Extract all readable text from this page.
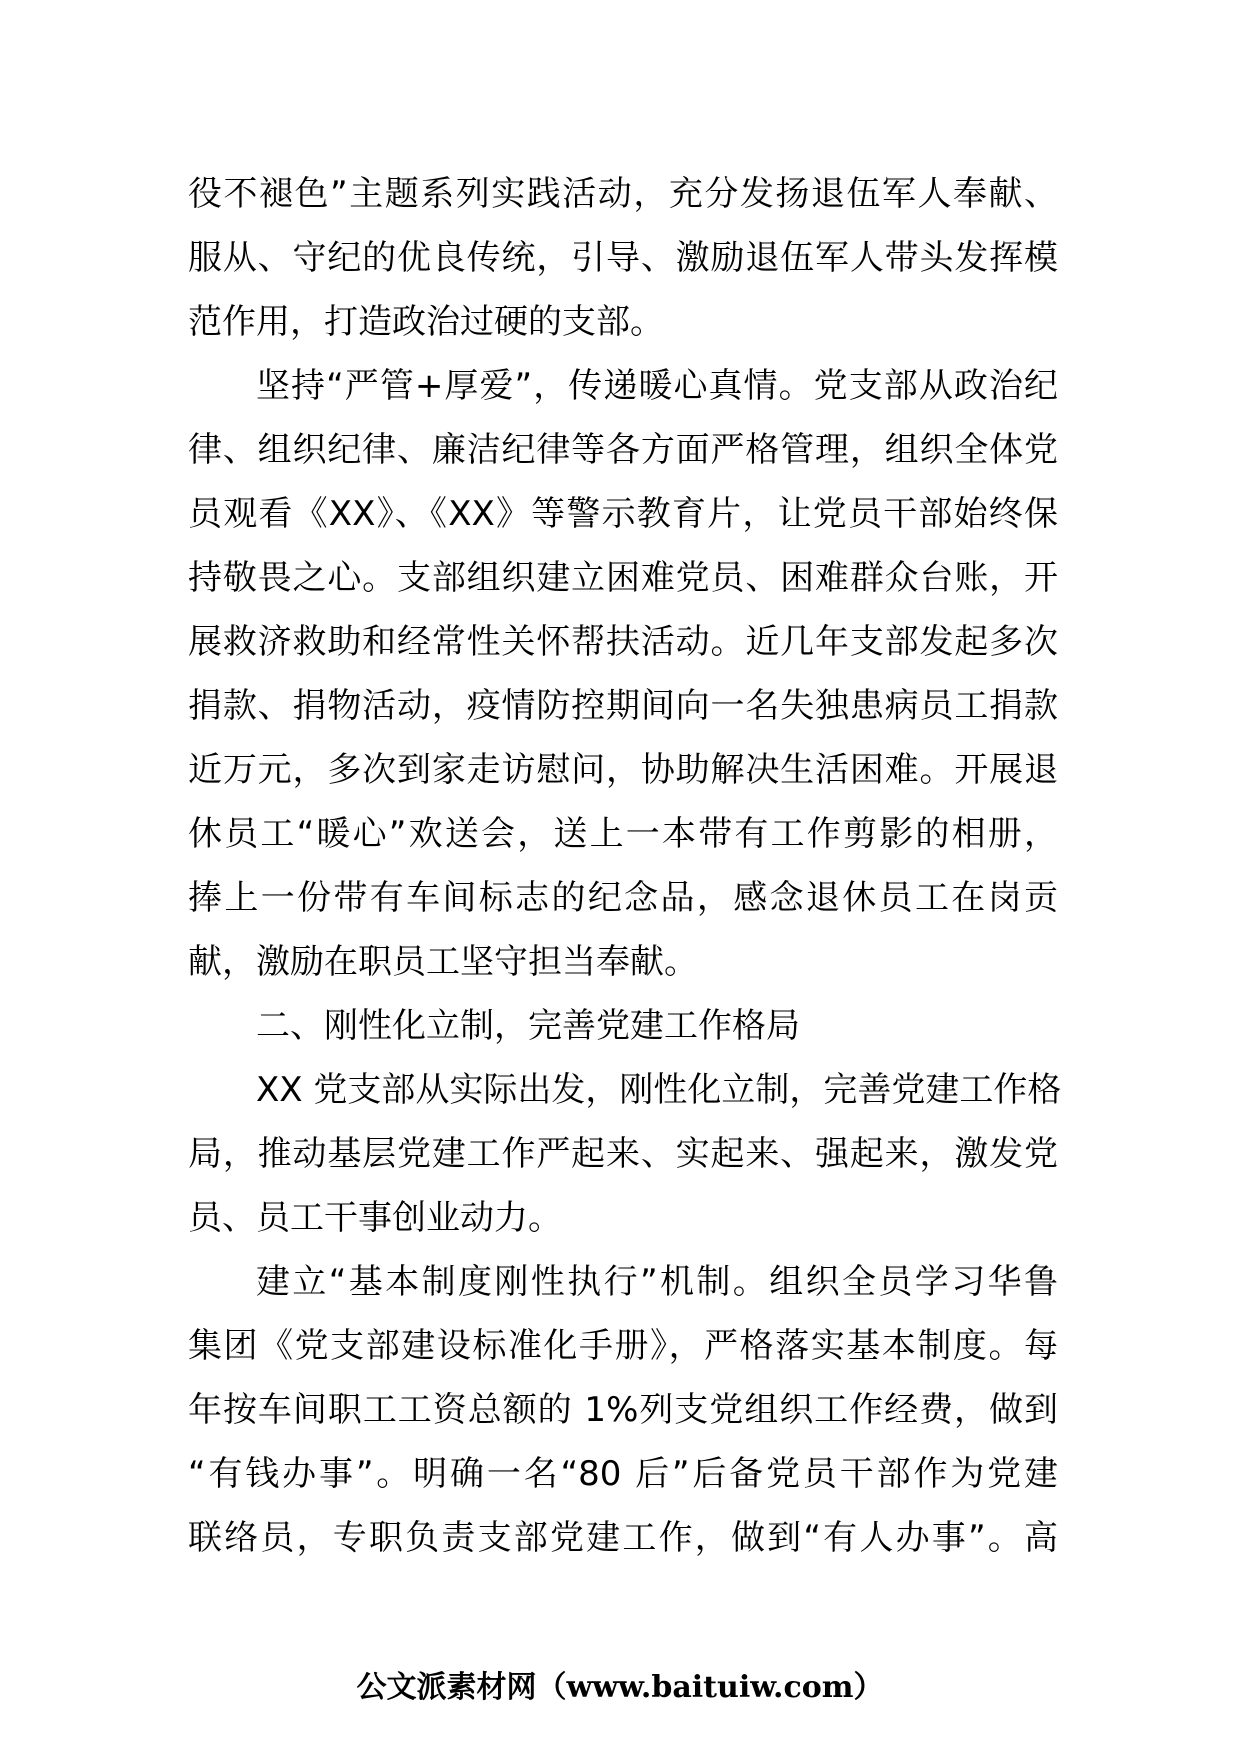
役不褪色”主题系列实践活动，充分发扬退伍军人奉献、
服从、守纪的优良传统，引导、激励退伍军人带头发挥模
范作用，打造政治过硬的支部。
坚持“严管+厚爱”，传递暖心真情。党支部从政治纪
律、组织纪律、廉洁纪律等各方面严格管理，组织全体党
员观看《XX》、《XX》等警示教育片，让党员干部始终保
持敬畏之心。支部组织建立困难党员、困难群众台账，开
展救济救助和经常性关怀帮扶活动。近几年支部发起多次
捐款、捐物活动，疫情防控期间向一名失独患病员工捐款
近万元，多次到家走访慰问，协助解决生活困难。开展退
休员工“暖心”欢送会，送上一本带有工作剪影的相册，
捧上一份带有车间标志的纪念品，感念退休员工在岗贡
献，激励在职员工坚守担当奉献。
二、刚性化立制，完善党建工作格局
XX 党支部从实际出发，刚性化立制，完善党建工作格
局，推动基层党建工作严起来、实起来、强起来，激发党
员、员工干事创业动力。
建立“基本制度刚性执行”机制。组织全员学习华鲁
集团《党支部建设标准化手册》，严格落实基本制度。每
年按车间职工工资总额的 1%列支党组织工作经费，做到
“有钱办事”。明确一名“80 后”后备党员干部作为党建
联络员，专职负责支部党建工作，做到“有人办事”。高
公文派素材网（www.baituiw.com）
